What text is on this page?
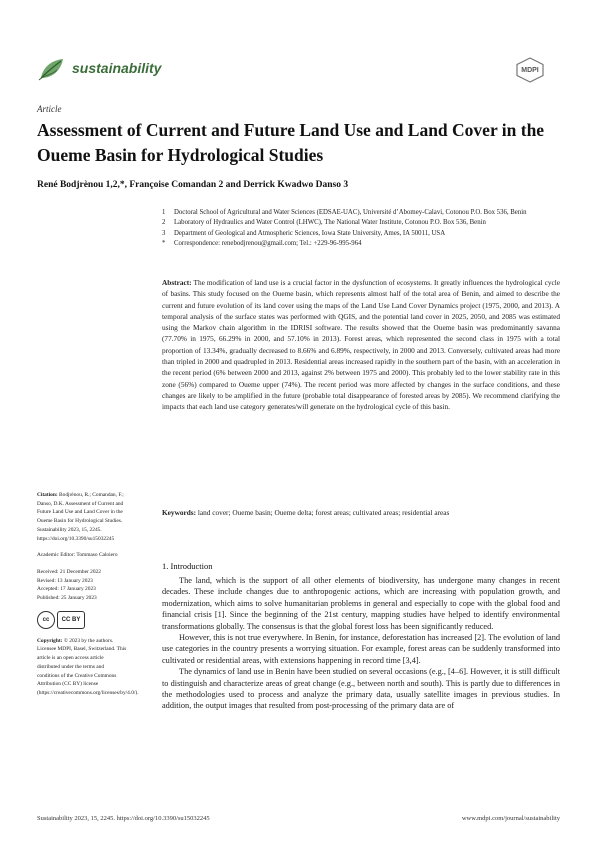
sustainability	MDPI
Article
Assessment of Current and Future Land Use and Land Cover in the Oueme Basin for Hydrological Studies
René Bodjrènou 1,2,*, Françoise Comandan 2 and Derrick Kwadwo Danso 3
1	Doctoral School of Agricultural and Water Sciences (EDSAE-UAC), Université d’Abomey-Calavi, Cotonou P.O. Box 536, Benin
2	Laboratory of Hydraulics and Water Control (LHWC), The National Water Institute, Cotonou P.O. Box 536, Benin
3	Department of Geological and Atmospheric Sciences, Iowa State University, Ames, IA 50011, USA
*	Correspondence: renebodjrenou@gmail.com; Tel.: +229-96-995-964
Abstract: The modification of land use is a crucial factor in the dysfunction of ecosystems. It greatly influences the hydrological cycle of basins. This study focused on the Oueme basin, which represents almost half of the total area of Benin, and aimed to describe the current and future evolution of its land cover using the maps of the Land Use Land Cover Dynamics project (1975, 2000, and 2013). A temporal analysis of the surface states was performed with QGIS, and the potential land cover in 2025, 2050, and 2085 was estimated using the Markov chain algorithm in the IDRISI software. The results showed that the Oueme basin was predominantly savanna (77.70% in 1975, 66.29% in 2000, and 57.10% in 2013). Forest areas, which represented the second class in 1975 with a total proportion of 13.34%, gradually decreased to 8.66% and 6.89%, respectively, in 2000 and 2013. Conversely, cultivated areas had more than tripled in 2000 and quadrupled in 2013. Residential areas increased rapidly in the southern part of the basin, with an acceleration in the recent period (6% between 2000 and 2013, against 2% between 1975 and 2000). This probably led to the lower stability rate in this zone (56%) compared to Oueme upper (74%). The recent period was more affected by changes in the surface conditions, and these changes are likely to be amplified in the future (probable total disappearance of forested areas by 2085). We recommend clarifying the impacts that each land use category generates/will generate on the hydrological cycle of this basin.
Keywords: land cover; Oueme basin; Oueme delta; forest areas; cultivated areas; residential areas
Citation: Bodjrènou, R.; Comandan, F.; Danso, D.K. Assessment of Current and Future Land Use and Land Cover in the Oueme Basin for Hydrological Studies. Sustainability 2023, 15, 2245. https://doi.org/10.3390/su15032245
Academic Editor: Tommaso Caloiero
Received: 21 December 2022
Revised: 13 January 2023
Accepted: 17 January 2023
Published: 25 January 2023
cc	CC BY
Copyright: © 2023 by the authors. Licensee MDPI, Basel, Switzerland. This article is an open access article distributed under the terms and conditions of the Creative Commons Attribution (CC BY) license (https://creativecommons.org/licenses/by/4.0/).
1. Introduction

The land, which is the support of all other elements of biodiversity, has undergone many changes in recent decades. These include changes due to anthropogenic actions, which are increasing with population growth, and modernization, which aims to solve humanitarian problems in general and especially to cope with the global food and financial crisis [1]. Since the beginning of the 21st century, mapping studies have helped to identify environmental transformations globally. The consensus is that the global forest loss has been significantly reduced.

However, this is not true everywhere. In Benin, for instance, deforestation has increased [2]. The evolution of land use categories in the country presents a worrying situation. For example, forest areas can be suddenly transformed into cultivated or residential areas, with extensions happening in record time [3,4].

The dynamics of land use in Benin have been studied on several occasions (e.g., [4–6]. However, it is still difficult to distinguish and characterize areas of great change (e.g., between north and south). This is partly due to differences in the methodologies used to process and analyze the primary data, usually satellite images in previous studies. In addition, the output images that resulted from post-processing of the primary data are of

Sustainability 2023, 15, 2245. https://doi.org/10.3390/su15032245	www.mdpi.com/journal/sustainability
